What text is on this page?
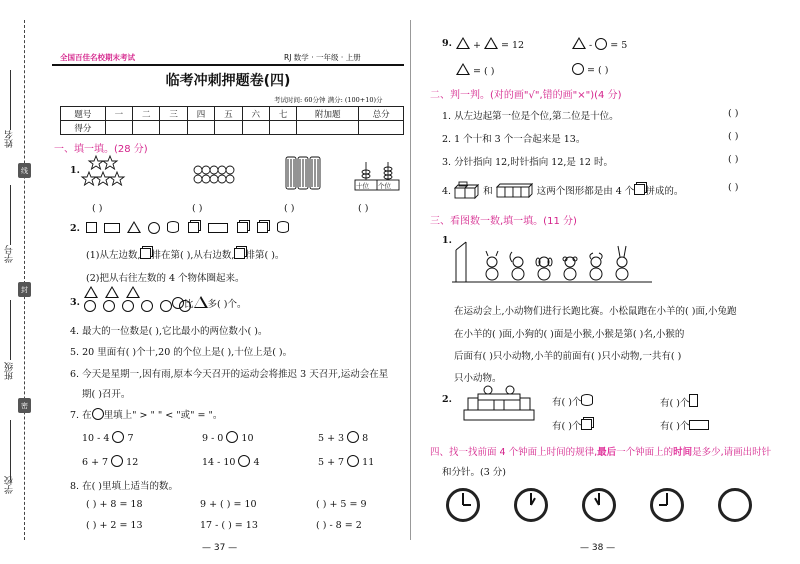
姓名
线
学号
封
班级
密
学校
全国百佳名校期末考试	RJ 数学 · 一年级 · 上册
临考冲刺押题卷(四)
考试时间: 60分钟 满分: (100+10)分
题号	一	二	三	四	五	六	七	附加题	总分
得分									
一、填一填。(28 分)
1.
十位 个位
( )	( )	( )	( )
2.

(1)从左边数, 排在第( ),从右边数, 排第( )。
(2)把从右往左数的 4 个物体圈起来。
3.

	比 多( )个。
4. 最大的一位数是( ),它比最小的两位数小( )。
5. 20 里面有( )个十,20 的个位上是( ),十位上是( )。
6. 今天是星期一,因有雨,原本今天召开的运动会将推迟 3 天召开,运动会在星
期( )召开。
7. 在 里填上" > " " < "或" = "。
10 - 4 7	9 - 0 10	5 + 3 8
6 + 7 12	14 - 10 4	5 + 7 11
8. 在( )里填上适当的数。
( ) + 8 = 18	9 + ( ) = 10	( ) + 5 = 9
( ) + 2 = 13	17 - ( ) = 13	( ) - 8 = 2
— 37 —
9.	+  = 12	-  = 5
= ( )	= ( )
二、判一判。(对的画"√",错的画"×")(4 分)
1. 从左边起第一位是个位,第二位是十位。	( )
2. 1 个十和 3 个一合起来是 13。	( )
3. 分针指向 12,时针指向 12,是 12 时。	( )
4.	和	这两个图形都是由 4 个 拼成的。	( )
三、看图数一数,填一填。(11 分)
1.
在运动会上,小动物们进行长跑比赛。小松鼠跑在小羊的( )面,小兔跑
在小羊的( )面,小狗的( )面是小猴,小猴是第( )名,小猴的
后面有( )只小动物,小羊的前面有( )只小动物,一共有( )
只小动物。
2.	有( )个	有( )个
有( )个	有( )个
四、找一找前面 4 个钟面上时间的规律,最后一个钟面上的时间是多少,请画出时针
和分针。(3 分)
— 38 —
